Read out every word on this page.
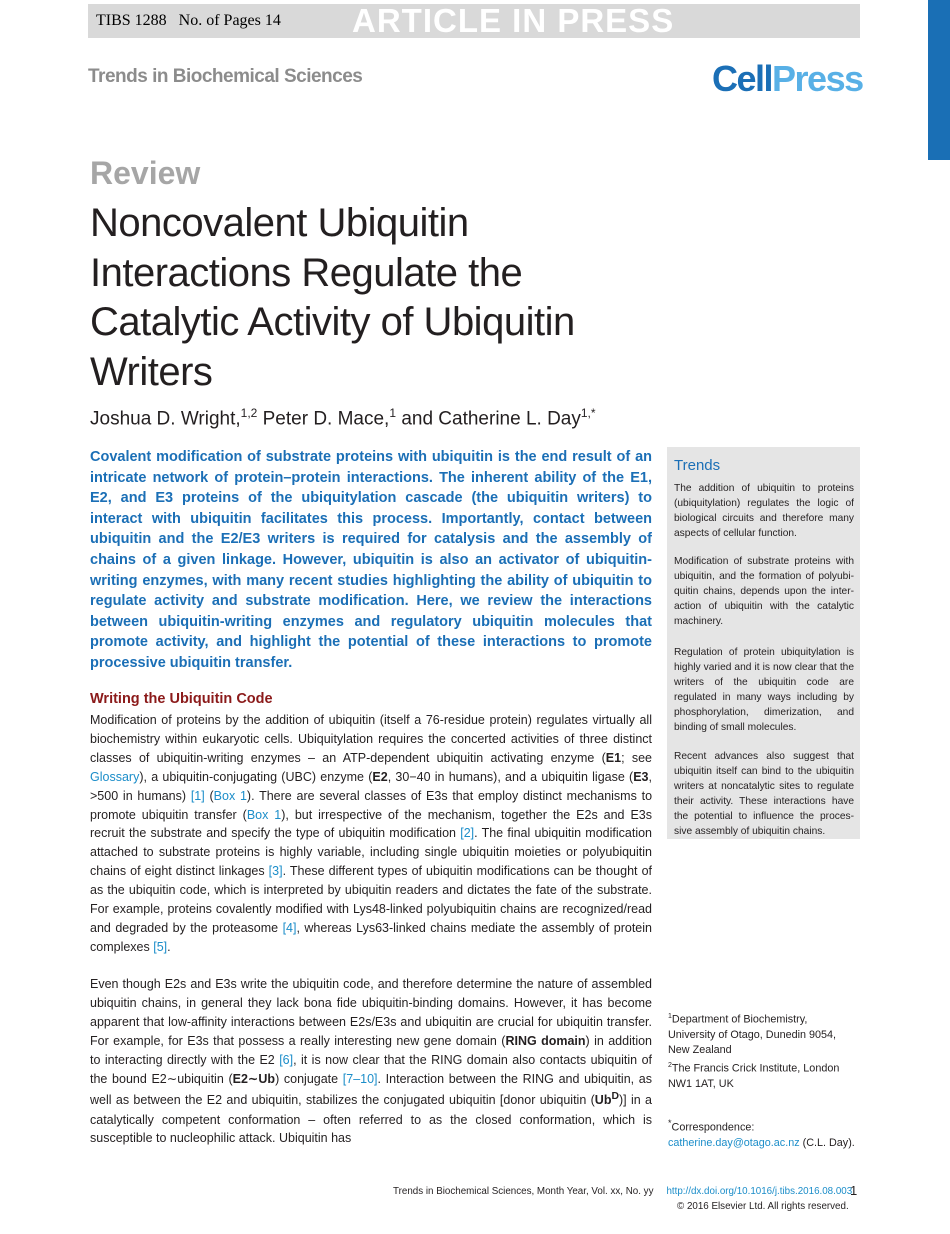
TIBS 1288 No. of Pages 14 ARTICLE IN PRESS
Trends in Biochemical Sciences	CellPress
Review
Noncovalent Ubiquitin Interactions Regulate the Catalytic Activity of Ubiquitin Writers
Joshua D. Wright,$^{1,2}$ Peter D. Mace,$^1$ and Catherine L. Day$^{1,*}$

Covalent modification of substrate proteins with ubiquitin is the end result of an intricate network of protein–protein interactions. The inherent ability of the E1, E2, and E3 proteins of the ubiquitylation cascade (the ubiquitin writers) to interact with ubiquitin facilitates this process. Importantly, contact between ubiquitin and the E2/E3 writers is required for catalysis and the assembly of chains of a given linkage. However, ubiquitin is also an activator of ubiquitin-writing enzymes, with many recent studies highlighting the ability of ubiquitin to regulate activity and substrate modification. Here, we review the interactions between ubiquitin-writing enzymes and regulatory ubiquitin molecules that promote activity, and highlight the potential of these interactions to promote processive ubiquitin transfer.

Writing the Ubiquitin Code

Modification of proteins by the addition of ubiquitin (itself a 76-residue protein) regulates virtually all biochemistry within eukaryotic cells. Ubiquitylation requires the concerted activities of three distinct classes of ubiquitin-writing enzymes – an ATP-dependent ubiquitin activating enzyme (E1; see Glossary), a ubiquitin-conjugating (UBC) enzyme (E2, 30−40 in humans), and a ubiquitin ligase (E3, >500 in humans) [1] (Box 1). There are several classes of E3s that employ distinct mechanisms to promote ubiquitin transfer (Box 1), but irrespective of the mechanism, together the E2s and E3s recruit the substrate and specify the type of ubiquitin modification [2]. The final ubiquitin modification attached to substrate proteins is highly variable, including single ubiquitin moieties or polyubiquitin chains of eight distinct linkages [3]. These different types of ubiquitin modifications can be thought of as the ubiquitin code, which is interpreted by ubiquitin readers and dictates the fate of the substrate. For example, proteins covalently modified with Lys48-linked polyubiquitin chains are recognized/read and degraded by the proteasome [4], whereas Lys63-linked chains mediate the assembly of protein complexes [5].

Even though E2s and E3s write the ubiquitin code, and therefore determine the nature of assembled ubiquitin chains, in general they lack bona fide ubiquitin-binding domains. However, it has become apparent that low-affinity interactions between E2s/E3s and ubiquitin are crucial for ubiquitin transfer. For example, for E3s that possess a really interesting new gene domain (RING domain) in addition to interacting directly with the E2 [6], it is now clear that the RING domain also contacts ubiquitin of the bound E2∼ubiquitin (E2∼Ub) conjugate [7–10]. Interaction between the RING and ubiquitin, as well as between the E2 and ubiquitin, stabilizes the conjugated ubiquitin [donor ubiquitin $(Ub^D)$] in a catalytically competent conformation – often referred to as the closed conformation, which is susceptible to nucleophilic attack. Ubiquitin has

Trends

The addition of ubiquitin to proteins (ubiquitylation) regulates the logic of biological circuits and therefore many aspects of cellular function.

Modification of substrate proteins with ubiquitin, and the formation of polyubi-quitin chains, depends upon the inter-action of ubiquitin with the catalytic machinery.

Regulation of protein ubiquitylation is highly varied and it is now clear that the writers of the ubiquitin code are regulated in many ways including by phosphorylation, dimerization, and binding of small molecules.

Recent advances also suggest that ubiquitin itself can bind to the ubiquitin writers at noncatalytic sites to regulate their activity. These interactions have the potential to influence the proces-sive assembly of ubiquitin chains.

$^1$Department of Biochemistry,
University of Otago, Dunedin 9054,
New Zealand
$^2$The Francis Crick Institute, London
NW1 1AT, UK
*Correspondence:
catherine.day@otago.ac.nz (C.L. Day).
Trends in Biochemical Sciences, Month Year, Vol. xx, No. yy http://dx.doi.org/10.1016/j.tibs.2016.08.003
1
© 2016 Elsevier Ltd. All rights reserved.
